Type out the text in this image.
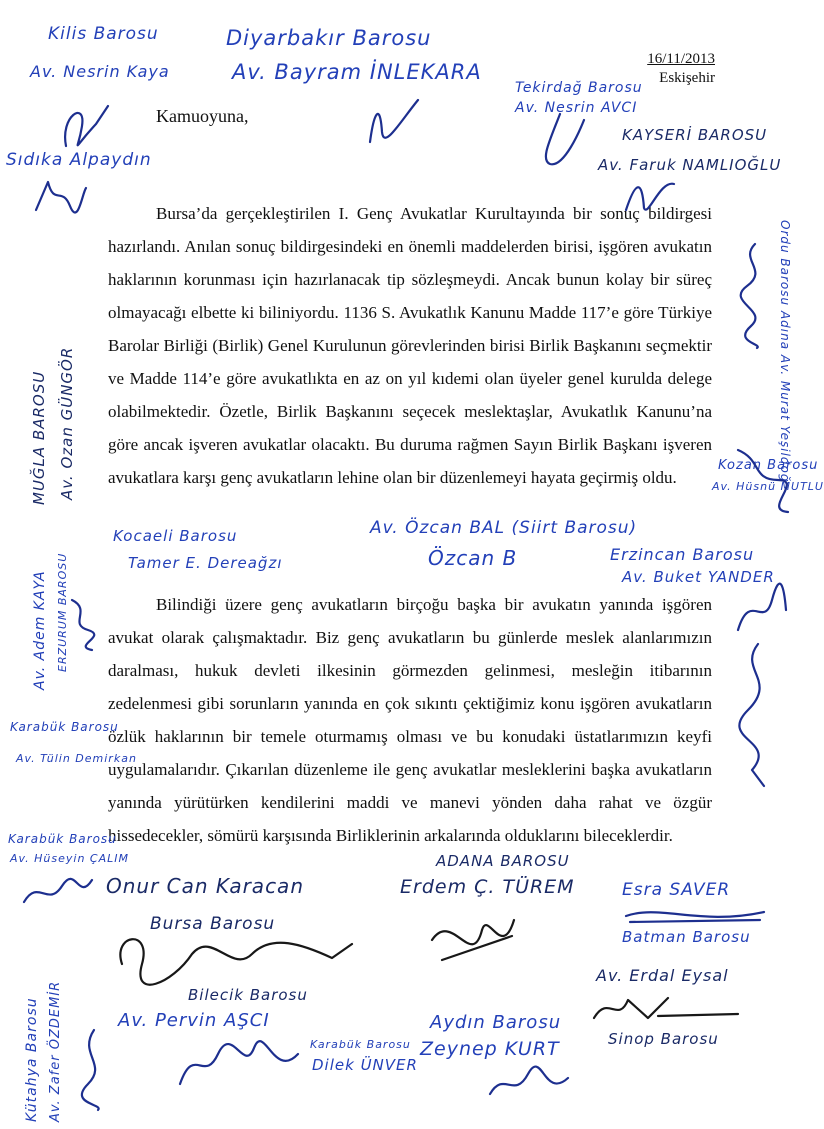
16/11/2013
Eskişehir
Kamuoyuna,

Bursa’da gerçekleştirilen I. Genç Avukatlar Kurultayında bir sonuç bildirgesi hazırlandı. Anılan sonuç bildirgesindeki en önemli maddelerden birisi, işgören avukatın haklarının korunması için hazırlanacak tip sözleşmeydi. Ancak bunun kolay bir süreç olmayacağı elbette ki biliniyordu. 1136 S. Avukatlık Kanunu Madde 117’e göre Türkiye Barolar Birliği (Birlik) Genel Kurulunun görevlerinden birisi Birlik Başkanını seçmektir ve Madde 114’e göre avukatlıkta en az on yıl kıdemi olan üyeler genel kurulda delege olabilmektedir. Özetle, Birlik Başkanını seçecek meslektaşlar, Avukatlık Kanunu’na göre ancak işveren avukatlar olacaktı. Bu duruma rağmen Sayın Birlik Başkanı işveren avukatlara karşı genç avukatların lehine olan bir düzenlemeyi hayata geçirmiş oldu.

Bilindiği üzere genç avukatların birçoğu başka bir avukatın yanında işgören avukat olarak çalışmaktadır. Biz genç avukatların bu günlerde meslek alanlarımızın daralması, hukuk devleti ilkesinin görmezden gelinmesi, mesleğin itibarının zedelenmesi gibi sorunların yanında en çok sıkıntı çektiğimiz konu işgören avukatların özlük haklarının bir temele oturmamış olması ve bu konudaki üstatlarımızın keyfi uygulamalarıdır. Çıkarılan düzenleme ile genç avukatlar mesleklerini başka avukatların yanında yürütürken kendilerini maddi ve manevi yönden daha rahat ve özgür hissedecekler, sömürü karşısında Birliklerinin arkalarında olduklarını bileceklerdir.

Kilis Barosu
Av. Nesrin Kaya
Diyarbakır Barosu
Av. Bayram İNLEKARA
Tekirdağ Barosu
Av. Nesrin AVCI
KAYSERİ BAROSU
Av. Faruk NAMLIOĞLU
Sıdıka Alpaydın
Ordu Barosu Adına Av. Murat Yeşildoğ
MUĞLA BAROSU Av. Ozan GÜNGÖR	Kozan Barosu
Av. Hüsnü MUTLU
Kocaeli Barosu
Tamer E. Dereağzı
Av. Özcan BAL (Siirt Barosu)
Özcan B	Erzincan Barosu
Av. Buket YANDER
Av. Adem KAYA ERZURUM BAROSU
Karabük Barosu
Av. Tülin Demirkan
Karabük Barosu
Av. Hüseyin ÇALIM	ADANA BAROSU
Erdem Ç. TÜREM	Esra SAVER
Batman Barosu
Onur Can Karacan
Bursa Barosu
Bilecik Barosu
Av. Erdal Eysal
Sinop Barosu
Aydın Barosu
Zeynep KURT
Av. Pervin AŞCI
Karabük Barosu
Dilek ÜNVER
Kütahya Barosu Av. Zafer ÖZDEMİR
